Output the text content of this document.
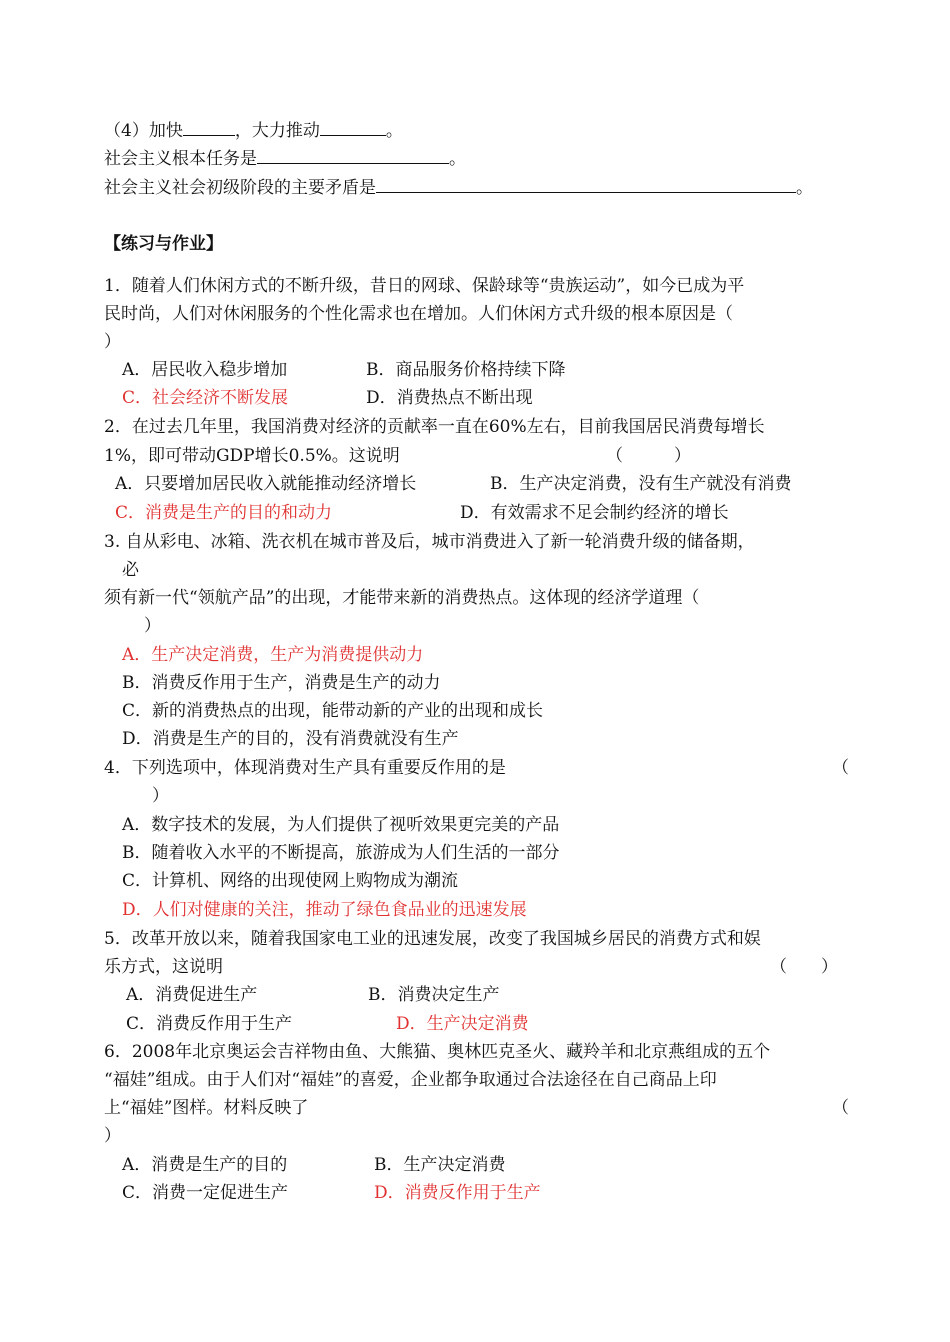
（4）加快	，大力推动	。
社会主义根本任务是	。
社会主义社会初级阶段的主要矛盾是	。
【练习与作业】
1．随着人们休闲方式的不断升级，昔日的网球、保龄球等“贵族运动”，如今已成为平
民时尚，人们对休闲服务的个性化需求也在增加。人们休闲方式升级的根本原因是（
）
A．居民收入稳步增加	B．商品服务价格持续下降
C．社会经济不断发展	D．消费热点不断出现
2．在过去几年里，我国消费对经济的贡献率一直在60%左右，目前我国居民消费每增长
1%，即可带动GDP增长0.5%。这说明	（　　　）
A．只要增加居民收入就能推动经济增长	B．生产决定消费，没有生产就没有消费
C．消费是生产的目的和动力	D．有效需求不足会制约经济的增长
3. 自从彩电、冰箱、洗衣机在城市普及后，城市消费进入了新一轮消费升级的储备期，
必
须有新一代“领航产品”的出现，才能带来新的消费热点。这体现的经济学道理（
）
A．生产决定消费，生产为消费提供动力
B．消费反作用于生产，消费是生产的动力
C．新的消费热点的出现，能带动新的产业的出现和成长
D．消费是生产的目的，没有消费就没有生产
4．下列选项中，体现消费对生产具有重要反作用的是	（
）
A．数字技术的发展，为人们提供了视听效果更完美的产品
B．随着收入水平的不断提高，旅游成为人们生活的一部分
C．计算机、网络的出现使网上购物成为潮流
D．人们对健康的关注，推动了绿色食品业的迅速发展
5．改革开放以来，随着我国家电工业的迅速发展，改变了我国城乡居民的消费方式和娱
乐方式，这说明	（　　）
A．消费促进生产	B．消费决定生产
C．消费反作用于生产	D．生产决定消费
6．2008年北京奥运会吉祥物由鱼、大熊猫、奥林匹克圣火、藏羚羊和北京燕组成的五个
“福娃”组成。由于人们对“福娃”的喜爱，企业都争取通过合法途径在自己商品上印
上“福娃”图样。材料反映了	（
）
A．消费是生产的目的	B．生产决定消费
C．消费一定促进生产	D．消费反作用于生产
